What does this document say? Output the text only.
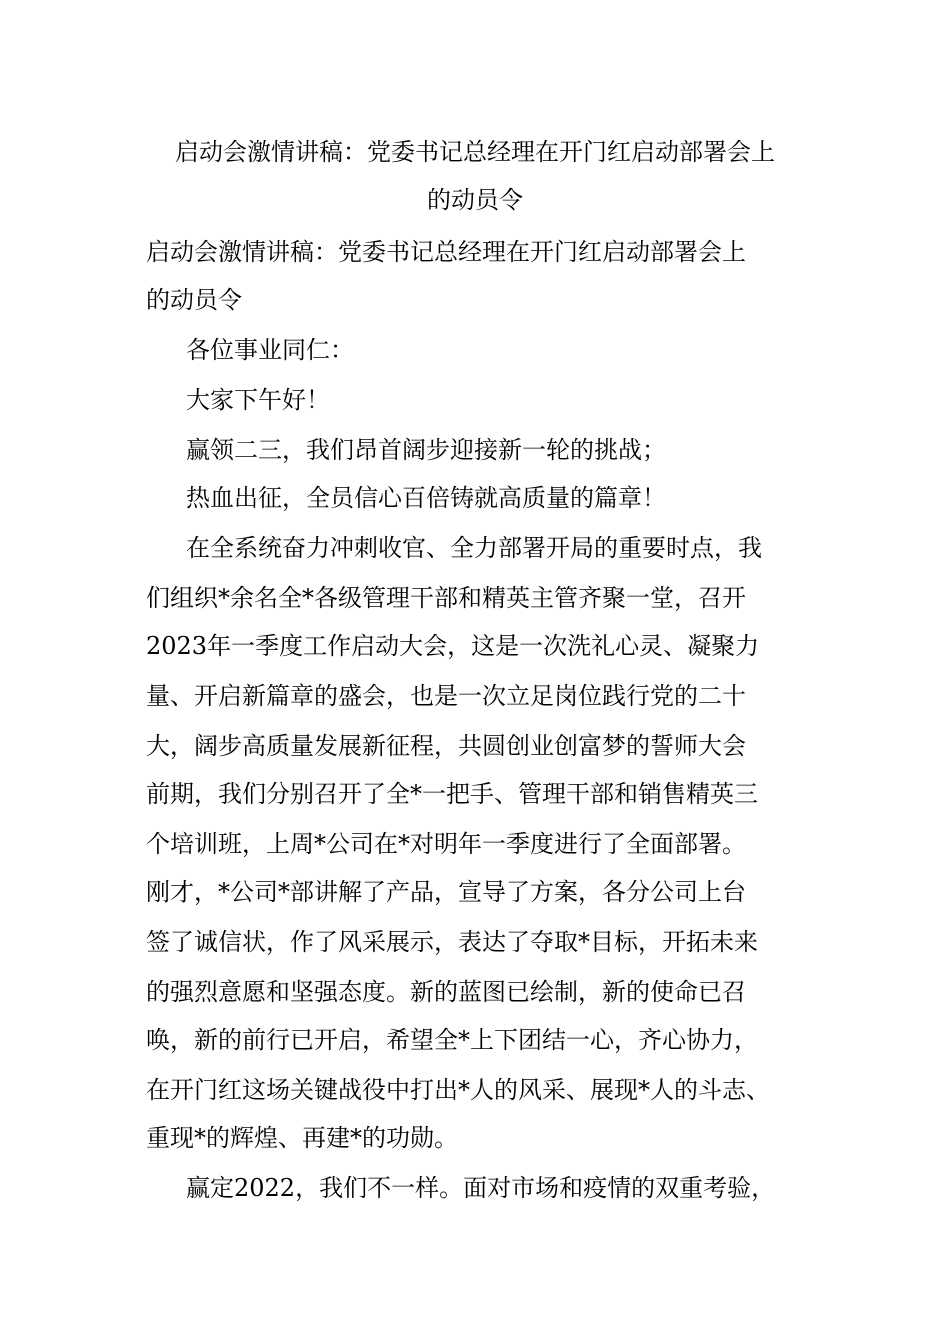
启动会激情讲稿：党委书记总经理在开门红启动部署会上
的动员令

启动会激情讲稿：党委书记总经理在开门红启动部署会上

的动员令

各位事业同仁：

大家下午好！

赢领二三，我们昂首阔步迎接新一轮的挑战；

热血出征，全员信心百倍铸就高质量的篇章！

在全系统奋力冲刺收官、全力部署开局的重要时点，我

们组织*余名全*各级管理干部和精英主管齐聚一堂，召开

2023年一季度工作启动大会，这是一次洗礼心灵、凝聚力

量、开启新篇章的盛会，也是一次立足岗位践行党的二十

大，阔步高质量发展新征程，共圆创业创富梦的誓师大会

前期，我们分别召开了全*一把手、管理干部和销售精英三

个培训班，上周*公司在*对明年一季度进行了全面部署。

刚才，*公司*部讲解了产品，宣导了方案，各分公司上台

签了诚信状，作了风采展示，表达了夺取*目标，开拓未来

的强烈意愿和坚强态度。新的蓝图已绘制，新的使命已召

唤，新的前行已开启，希望全*上下团结一心，齐心协力，

在开门红这场关键战役中打出*人的风采、展现*人的斗志、

重现*的辉煌、再建*的功勋。

赢定2022，我们不一样。面对市场和疫情的双重考验，
